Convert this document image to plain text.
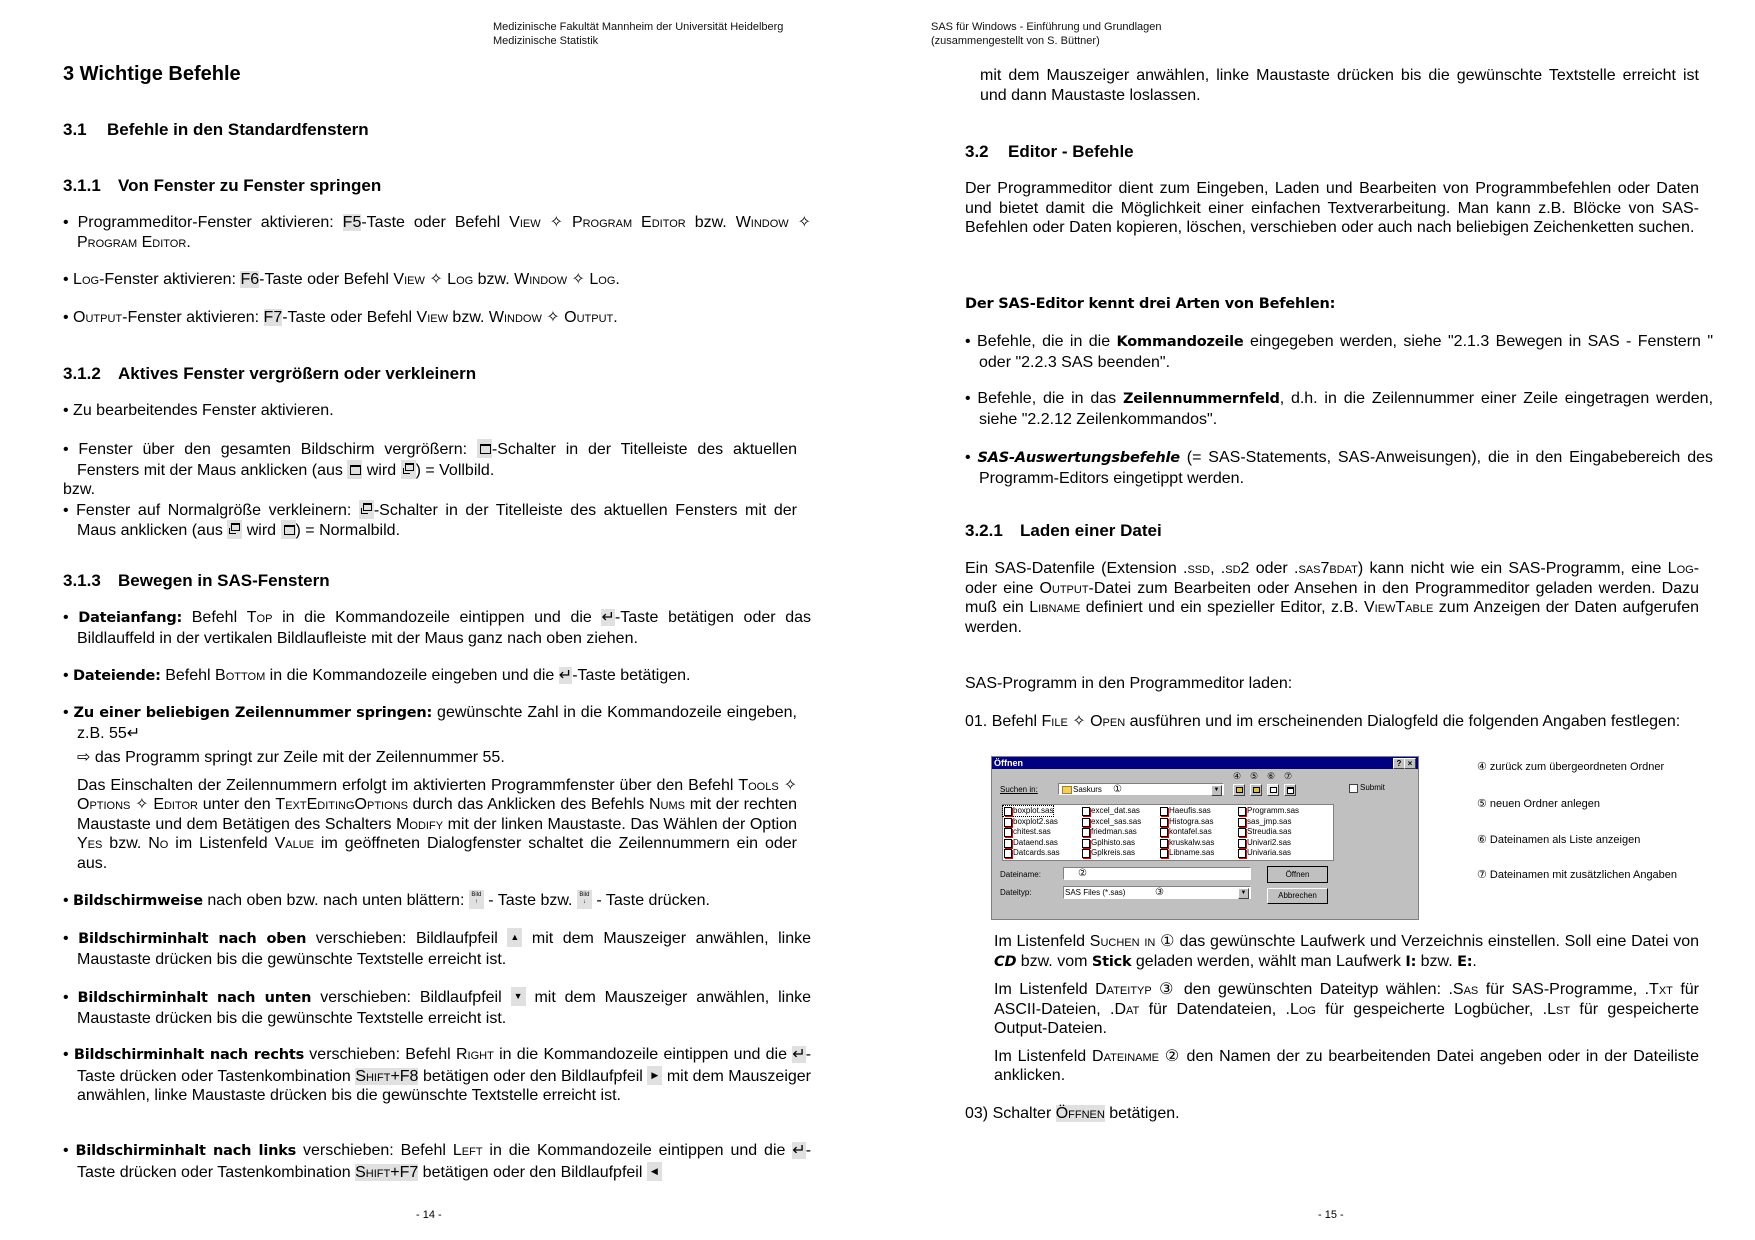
Medizinische Fakultät Mannheim der Universität Heidelberg
Medizinische Statistik
3 Wichtige Befehle
3.1	Befehle in den Standardfenstern
3.1.1	Von Fenster zu Fenster springen
• Programmeditor-Fenster aktivieren: F5-Taste oder Befehl View ✧ Program Editor bzw. Window ✧ Program Editor.
• Log-Fenster aktivieren: F6-Taste oder Befehl View ✧ Log bzw. Window ✧ Log.
• Output-Fenster aktivieren: F7-Taste oder Befehl View bzw. Window ✧ Output.
3.1.2	Aktives Fenster vergrößern oder verkleinern
• Zu bearbeitendes Fenster aktivieren.
• Fenster über den gesamten Bildschirm vergrößern: -Schalter in der Titelleiste des aktuellen Fensters mit der Maus anklicken (aus  wird ) = Vollbild.
bzw.
• Fenster auf Normalgröße verkleinern: -Schalter in der Titelleiste des aktuellen Fensters mit der Maus anklicken (aus  wird ) = Normalbild.
3.1.3	Bewegen in SAS-Fenstern
• Dateianfang: Befehl Top in die Kommandozeile eintippen und die ↵-Taste betätigen oder das Bildlauffeld in der vertikalen Bildlaufleiste mit der Maus ganz nach oben ziehen.
• Dateiende: Befehl Bottom in die Kommandozeile eingeben und die ↵-Taste betätigen.
• Zu einer beliebigen Zeilennummer springen: gewünschte Zahl in die Kommandozeile eingeben, z.B. 55↵
⇨ das Programm springt zur Zeile mit der Zeilennummer 55.
Das Einschalten der Zeilennummern erfolgt im aktivierten Programmfenster über den Befehl Tools ✧ Options ✧ Editor unter den TextEditingOptions durch das Anklicken des Befehls Nums mit der rechten Maustaste und dem Betätigen des Schalters Modify mit der linken Maustaste. Das Wählen der Option Yes bzw. No im Listenfeld Value im geöffneten Dialogfenster schaltet die Zeilennummern ein oder aus.
• Bildschirmweise nach oben bzw. nach unten blättern: Bild ↑ - Taste bzw. Bild ↓ - Taste drücken.
• Bildschirminhalt nach oben verschieben: Bildlaufpfeil ▲ mit dem Mauszeiger anwählen, linke Maustaste drücken bis die gewünschte Textstelle erreicht ist.
• Bildschirminhalt nach unten verschieben: Bildlaufpfeil ▼ mit dem Mauszeiger anwählen, linke Maustaste drücken bis die gewünschte Textstelle erreicht ist.
• Bildschirminhalt nach rechts verschieben: Befehl Right in die Kommandozeile eintippen und die ↵-Taste drücken oder Tastenkombination Shift+F8 betätigen oder den Bildlaufpfeil ▶ mit dem Mauszeiger anwählen, linke Maustaste drücken bis die gewünschte Textstelle erreicht ist.
• Bildschirminhalt nach links verschieben: Befehl Left in die Kommandozeile eintippen und die ↵-Taste drücken oder Tastenkombination Shift+F7 betätigen oder den Bildlaufpfeil ◀
- 14 -
SAS für Windows - Einführung und Grundlagen
(zusammengestellt von S. Büttner)
mit dem Mauszeiger anwählen, linke Maustaste drücken bis die gewünschte Textstelle erreicht ist und dann Maustaste loslassen.
3.2	Editor - Befehle
Der Programmeditor dient zum Eingeben, Laden und Bearbeiten von Programmbefehlen oder Daten und bietet damit die Möglichkeit einer einfachen Textverarbeitung. Man kann z.B. Blöcke von SAS-Befehlen oder Daten kopieren, löschen, verschieben oder auch nach beliebigen Zeichenketten suchen.
Der SAS-Editor kennt drei Arten von Befehlen:
• Befehle, die in die Kommandozeile eingegeben werden, siehe "2.1.3 Bewegen in SAS - Fenstern " oder "2.2.3 SAS beenden".
• Befehle, die in das Zeilennummernfeld, d.h. in die Zeilennummer einer Zeile eingetragen werden, siehe "2.2.12 Zeilenkommandos".
• SAS-Auswertungsbefehle (= SAS-Statements, SAS-Anweisungen), die in den Eingabebereich des Programm-Editors eingetippt werden.
3.2.1	Laden einer Datei
Ein SAS-Datenfile (Extension .ssd, .sd2 oder .sas7bdat) kann nicht wie ein SAS-Programm, eine Log- oder eine Output-Datei zum Bearbeiten oder Ansehen in den Programmeditor geladen werden. Dazu muß ein Libname definiert und ein spezieller Editor, z.B. ViewTable zum Anzeigen der Daten aufgerufen werden.
SAS-Programm in den Programmeditor laden:
01. Befehl File ✧ Open ausführen und im erscheinenden Dialogfeld die folgenden Angaben festlegen:
Öffnen	? ×
Suchen in:	Saskurs ①	▼
④ ⑤ ⑥ ⑦
Submit
boxplot.sas
boxplot2.sas
chitest.sas
Dataend.sas
Datcards.sas
excel_dat.sas
excel_sas.sas
friedman.sas
Gplhisto.sas
Gplkreis.sas
Haeufis.sas
Histogra.sas
kontafel.sas
kruskalw.sas
Libname.sas
Programm.sas
sas_jmp.sas
Streudia.sas
Univari2.sas
Univaria.sas
Dateiname:	②	Öffnen
Dateityp:	SAS Files (*.sas)	③	▼	Abbrechen
④ zurück zum übergeordneten Ordner
⑤ neuen Ordner anlegen
⑥ Dateinamen als Liste anzeigen
⑦ Dateinamen mit zusätzlichen Angaben
Im Listenfeld Suchen in ① das gewünschte Laufwerk und Verzeichnis einstellen. Soll eine Datei von CD bzw. vom Stick geladen werden, wählt man Laufwerk I: bzw. E:.
Im Listenfeld Dateityp ③ den gewünschten Dateityp wählen: .Sas für SAS-Programme, .Txt für ASCII-Dateien, .Dat für Datendateien, .Log für gespeicherte Logbücher, .Lst für gespeicherte Output-Dateien.
Im Listenfeld Dateiname ② den Namen der zu bearbeitenden Datei angeben oder in der Dateiliste anklicken.
03) Schalter Öffnen betätigen.
- 15 -
